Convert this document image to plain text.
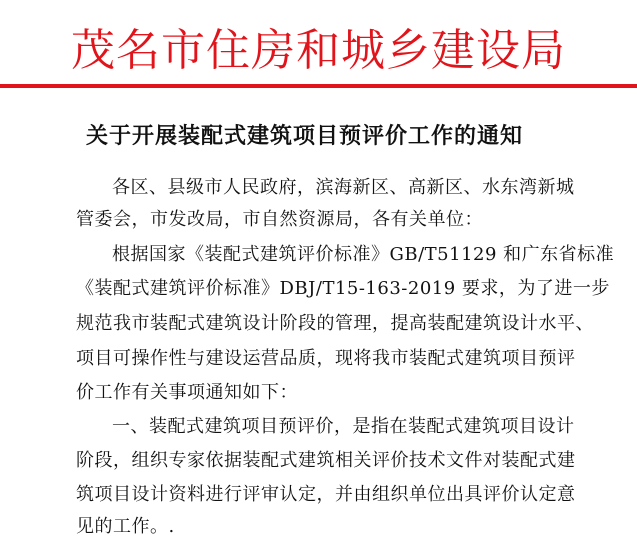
茂名市住房和城乡建设局
关于开展装配式建筑项目预评价工作的通知
各区、县级市人民政府，滨海新区、高新区、水东湾新城
管委会，市发改局，市自然资源局，各有关单位：
根据国家《装配式建筑评价标准》GB/T51129 和广东省标准
《装配式建筑评价标准》DBJ/T15-163-2019 要求，为了进一步
规范我市装配式建筑设计阶段的管理，提高装配建筑设计水平、
项目可操作性与建设运营品质，现将我市装配式建筑项目预评
价工作有关事项通知如下：
一、装配式建筑项目预评价，是指在装配式建筑项目设计
阶段，组织专家依据装配式建筑相关评价技术文件对装配式建
筑项目设计资料进行评审认定，并由组织单位出具评价认定意
见的工作。.
